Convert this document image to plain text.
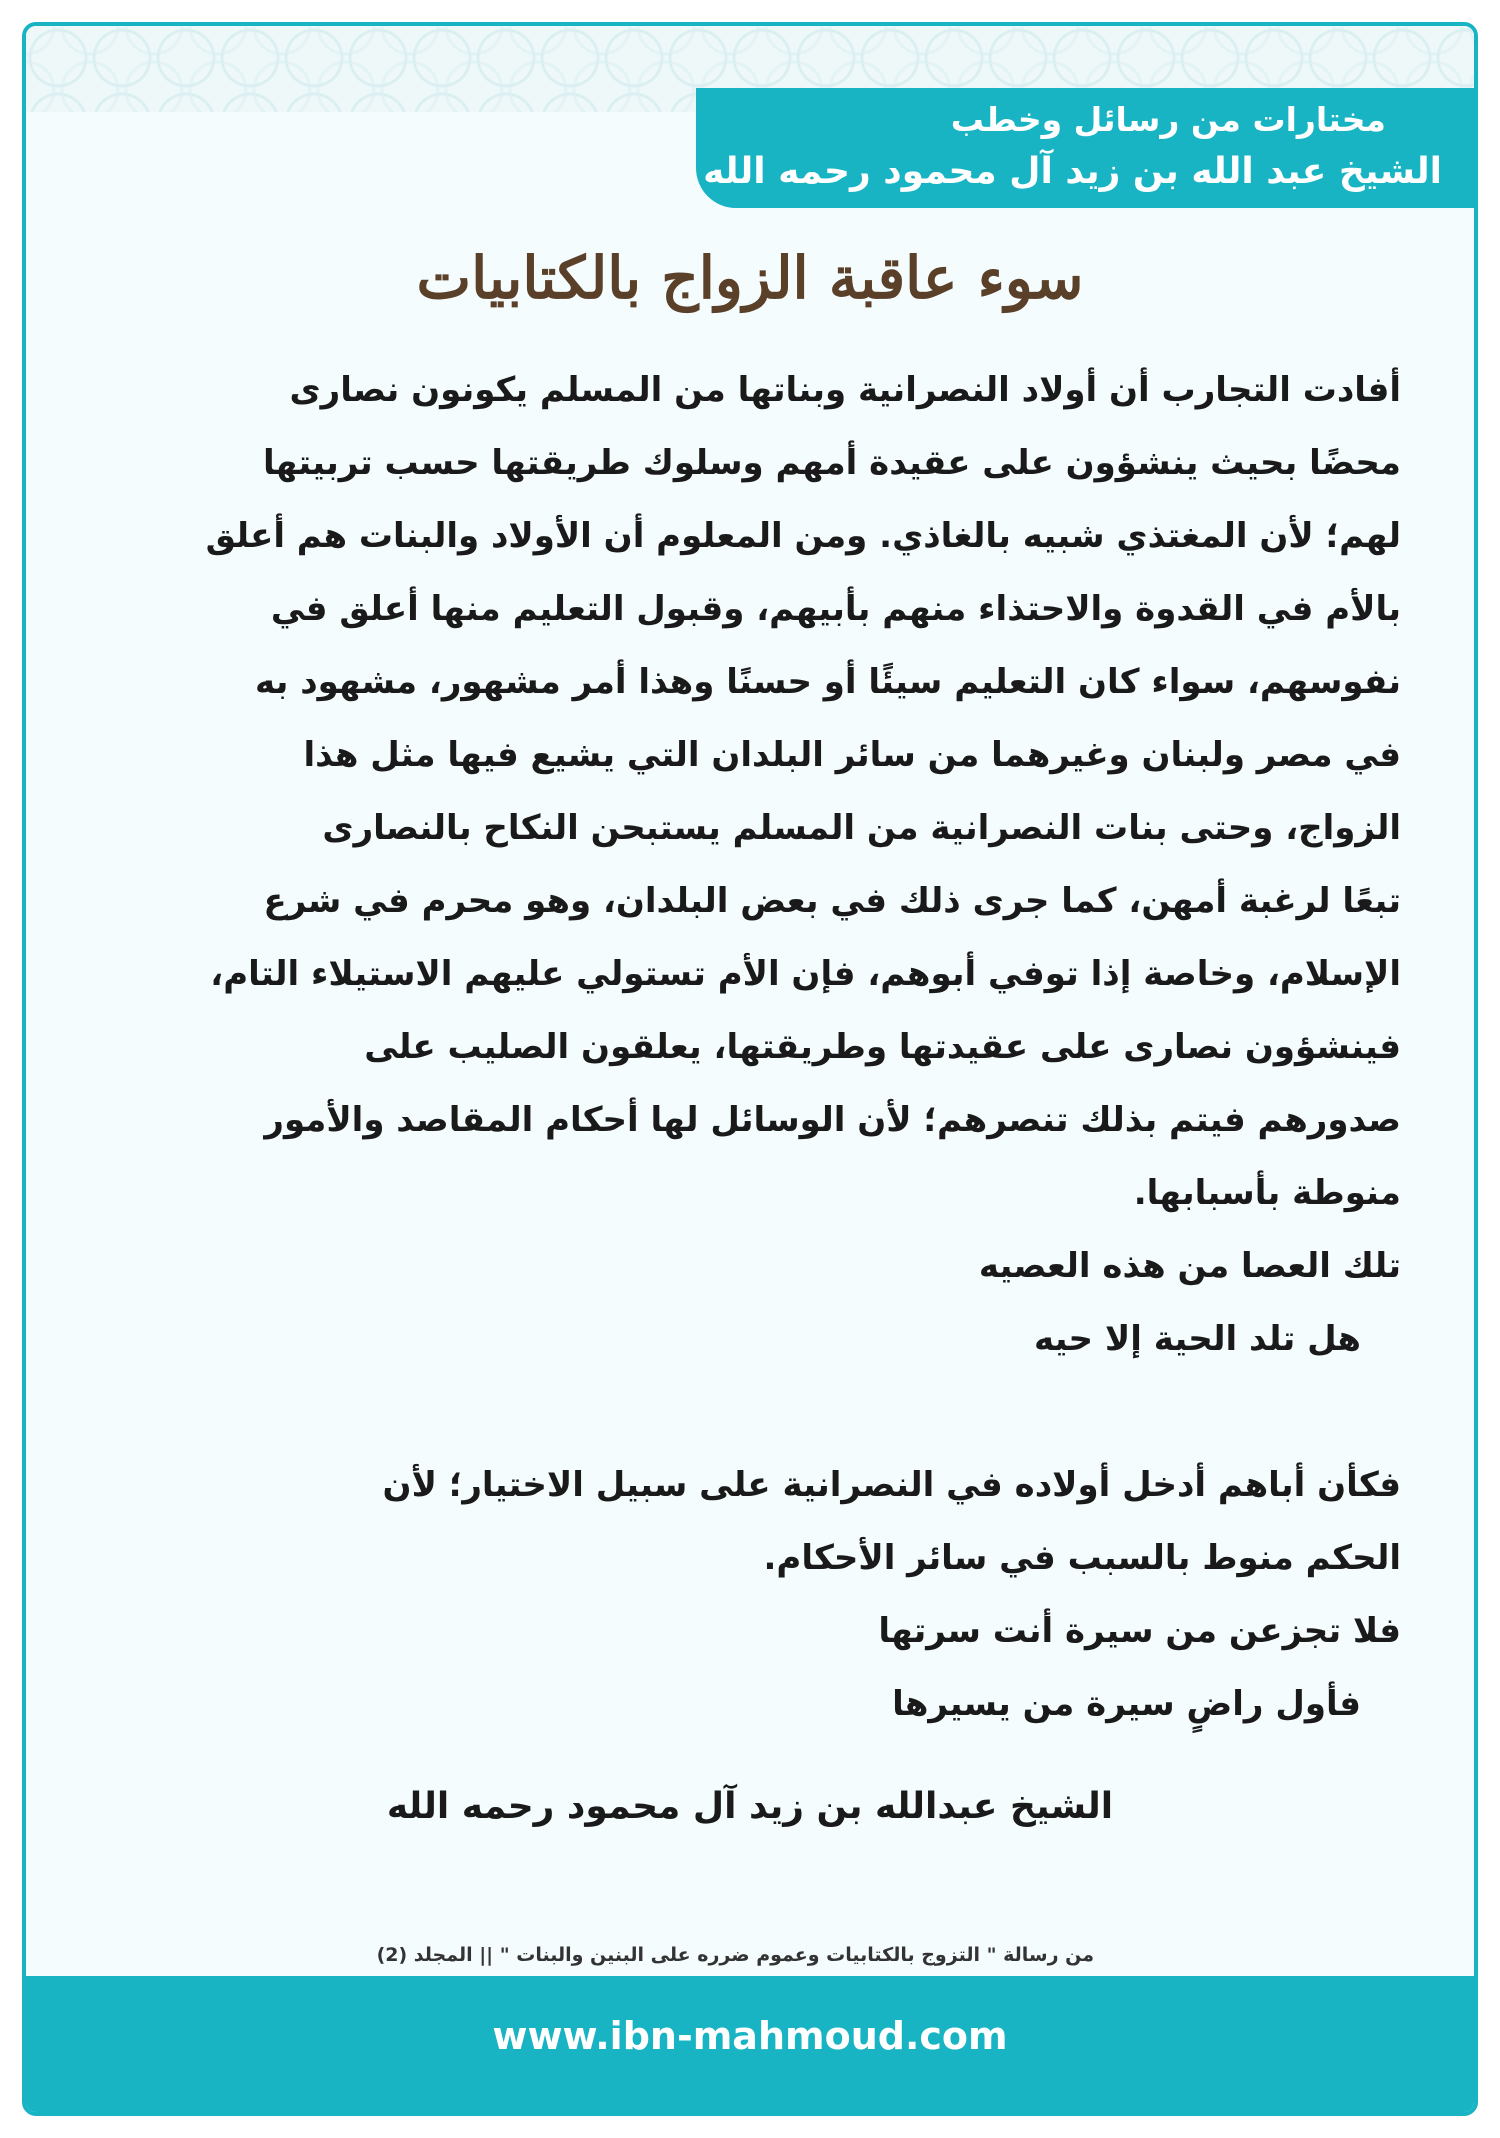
مختارات من رسائل وخطب
الشيخ عبد الله بن زيد آل محمود رحمه الله
سوء عاقبة الزواج بالكتابيات

أفادت التجارب أن أولاد النصرانية وبناتها من المسلم يكونون نصارى
محضًا بحيث ينشؤون على عقيدة أمهم وسلوك طريقتها حسب تربيتها
لهم؛ لأن المغتذي شبيه بالغاذي. ومن المعلوم أن الأولاد والبنات هم أعلق
بالأم في القدوة والاحتذاء منهم بأبيهم، وقبول التعليم منها أعلق في
نفوسهم، سواء كان التعليم سيئًا أو حسنًا وهذا أمر مشهور، مشهود به
في مصر ولبنان وغيرهما من سائر البلدان التي يشيع فيها مثل هذا
الزواج، وحتى بنات النصرانية من المسلم يستبحن النكاح بالنصارى
تبعًا لرغبة أمهن، كما جرى ذلك في بعض البلدان، وهو محرم في شرع
الإسلام، وخاصة إذا توفي أبوهم، فإن الأم تستولي عليهم الاستيلاء التام،
فينشؤون نصارى على عقيدتها وطريقتها، يعلقون الصليب على
صدورهم فيتم بذلك تنصرهم؛ لأن الوسائل لها أحكام المقاصد والأمور
منوطة بأسبابها.

تلك العصا من هذه العصيه
هل تلد الحية إلا حيه

فكأن أباهم أدخل أولاده في النصرانية على سبيل الاختيار؛ لأن
الحكم منوط بالسبب في سائر الأحكام.

فلا تجزعن من سيرة أنت سرتها
فأول راضٍ سيرة من يسيرها
الشيخ عبدالله بن زيد آل محمود رحمه الله
من رسالة " التزوج بالكتابيات وعموم ضرره على البنين والبنات " || المجلد (2)
www.ibn-mahmoud.com
